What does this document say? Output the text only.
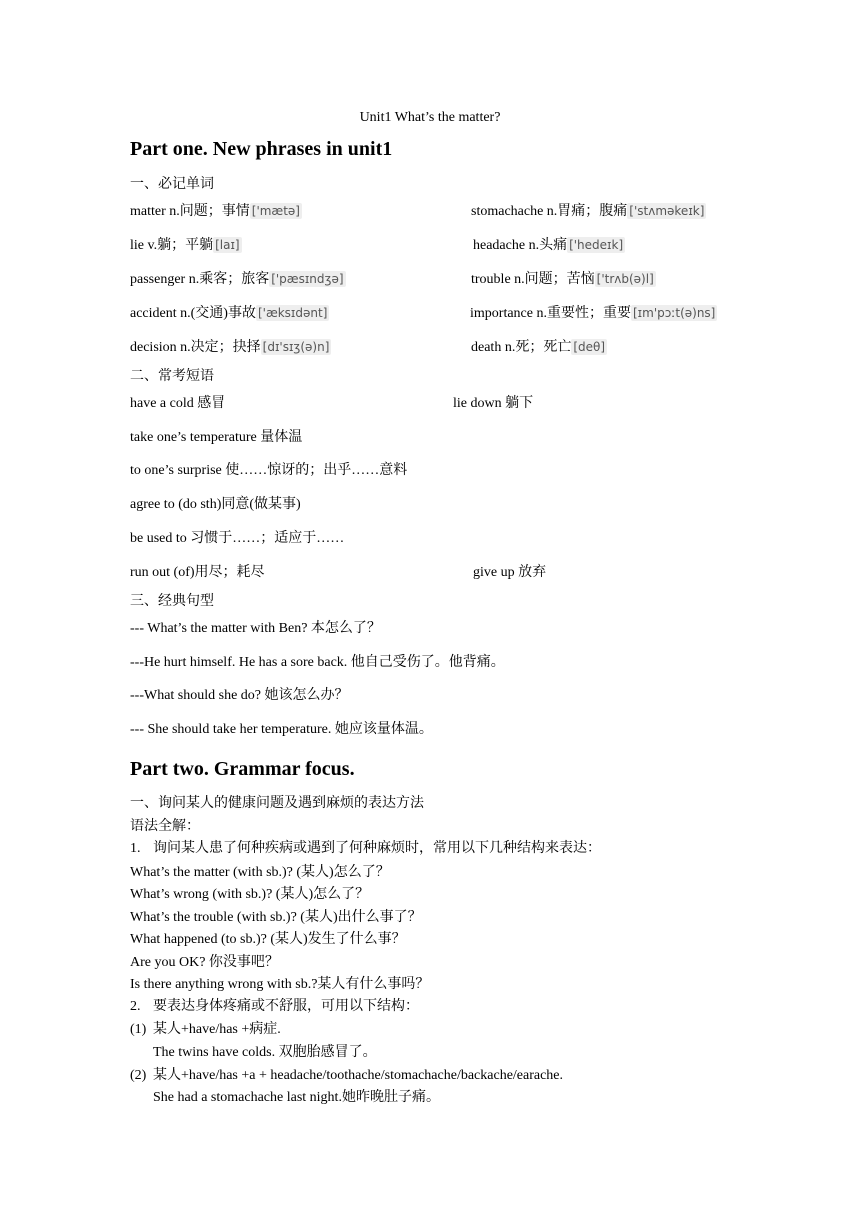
Unit1 What’s the matter?
Part one. New phrases in unit1
一、必记单词
matter n.问题；事情 ['mætə]	stomachache n.胃痛；腹痛 ['stʌməkeɪk]
lie v.躺；平躺 [laɪ]	headache n.头痛 ['hedeɪk]
passenger n.乘客；旅客 ['pæsɪndʒə]	trouble n.问题；苦恼 ['trʌb(ə)l]
accident n.(交通)事故 ['æksɪdənt]	importance n.重要性；重要 [ɪm'pɔːt(ə)ns]
decision n.决定；抉择 [dɪ'sɪʒ(ə)n]	death n.死；死亡 [deθ]
二、常考短语
have a cold 感冒	lie down 躺下
take one’s temperature 量体温
to one’s surprise 使……惊讶的；出乎……意料
agree to (do sth)同意(做某事)
be used to 习惯于……；适应于……
run out (of)用尽；耗尽	give up 放弃
三、经典句型
--- What’s the matter with Ben? 本怎么了？
---He hurt himself. He has a sore back. 他自己受伤了。他背痛。
---What should she do? 她该怎么办？
--- She should take her temperature. 她应该量体温。
Part two. Grammar focus.
一、询问某人的健康问题及遇到麻烦的表达方法
语法全解：
1. 询问某人患了何种疾病或遇到了何种麻烦时，常用以下几种结构来表达：
What’s the matter (with sb.)? (某人)怎么了？
What’s wrong (with sb.)? (某人)怎么了？
What’s the trouble (with sb.)? (某人)出什么事了？
What happened (to sb.)? (某人)发生了什么事？
Are you OK? 你没事吧？
Is there anything wrong with sb.?某人有什么事吗？
2. 要表达身体疼痛或不舒服，可用以下结构：
(1) 某人+have/has +病症.
The twins have colds. 双胞胎感冒了。
(2) 某人+have/has +a + headache/toothache/stomachache/backache/earache.
She had a stomachache last night.她昨晚肚子痛。
